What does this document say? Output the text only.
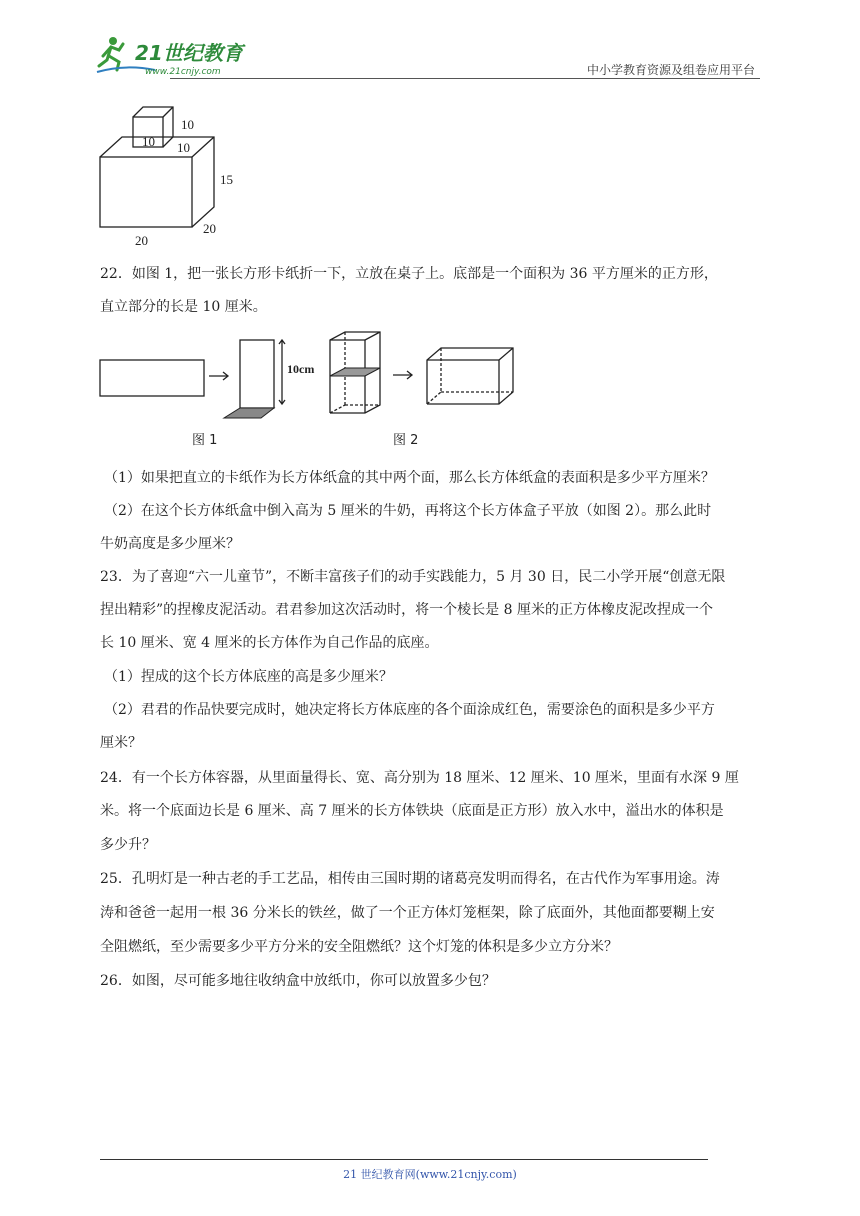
21世纪教育
www.21cnjy.com	中小学教育资源及组卷应用平台
10
10
10
15
20
20
22．如图 1，把一张长方形卡纸折一下，立放在桌子上。底部是一个面积为 36 平方厘米的正方形，
直立部分的长是 10 厘米。
10cm
图 1	图 2
（1）如果把直立的卡纸作为长方体纸盒的其中两个面，那么长方体纸盒的表面积是多少平方厘米？
（2）在这个长方体纸盒中倒入高为 5 厘米的牛奶，再将这个长方体盒子平放（如图 2）。那么此时
牛奶高度是多少厘米？
23．为了喜迎“六一儿童节”，不断丰富孩子们的动手实践能力，5 月 30 日，民二小学开展“创意无限
捏出精彩”的捏橡皮泥活动。君君参加这次活动时，将一个棱长是 8 厘米的正方体橡皮泥改捏成一个
长 10 厘米、宽 4 厘米的长方体作为自己作品的底座。
（1）捏成的这个长方体底座的高是多少厘米？
（2）君君的作品快要完成时，她决定将长方体底座的各个面涂成红色，需要涂色的面积是多少平方
厘米？
24．有一个长方体容器，从里面量得长、宽、高分别为 18 厘米、12 厘米、10 厘米，里面有水深 9 厘
米。将一个底面边长是 6 厘米、高 7 厘米的长方体铁块（底面是正方形）放入水中，溢出水的体积是
多少升？
25．孔明灯是一种古老的手工艺品，相传由三国时期的诸葛亮发明而得名，在古代作为军事用途。涛
涛和爸爸一起用一根 36 分米长的铁丝，做了一个正方体灯笼框架，除了底面外，其他面都要糊上安
全阻燃纸，至少需要多少平方分米的安全阻燃纸？这个灯笼的体积是多少立方分米？
26．如图，尽可能多地往收纳盒中放纸巾，你可以放置多少包？
21 世纪教育网(www.21cnjy.com)
